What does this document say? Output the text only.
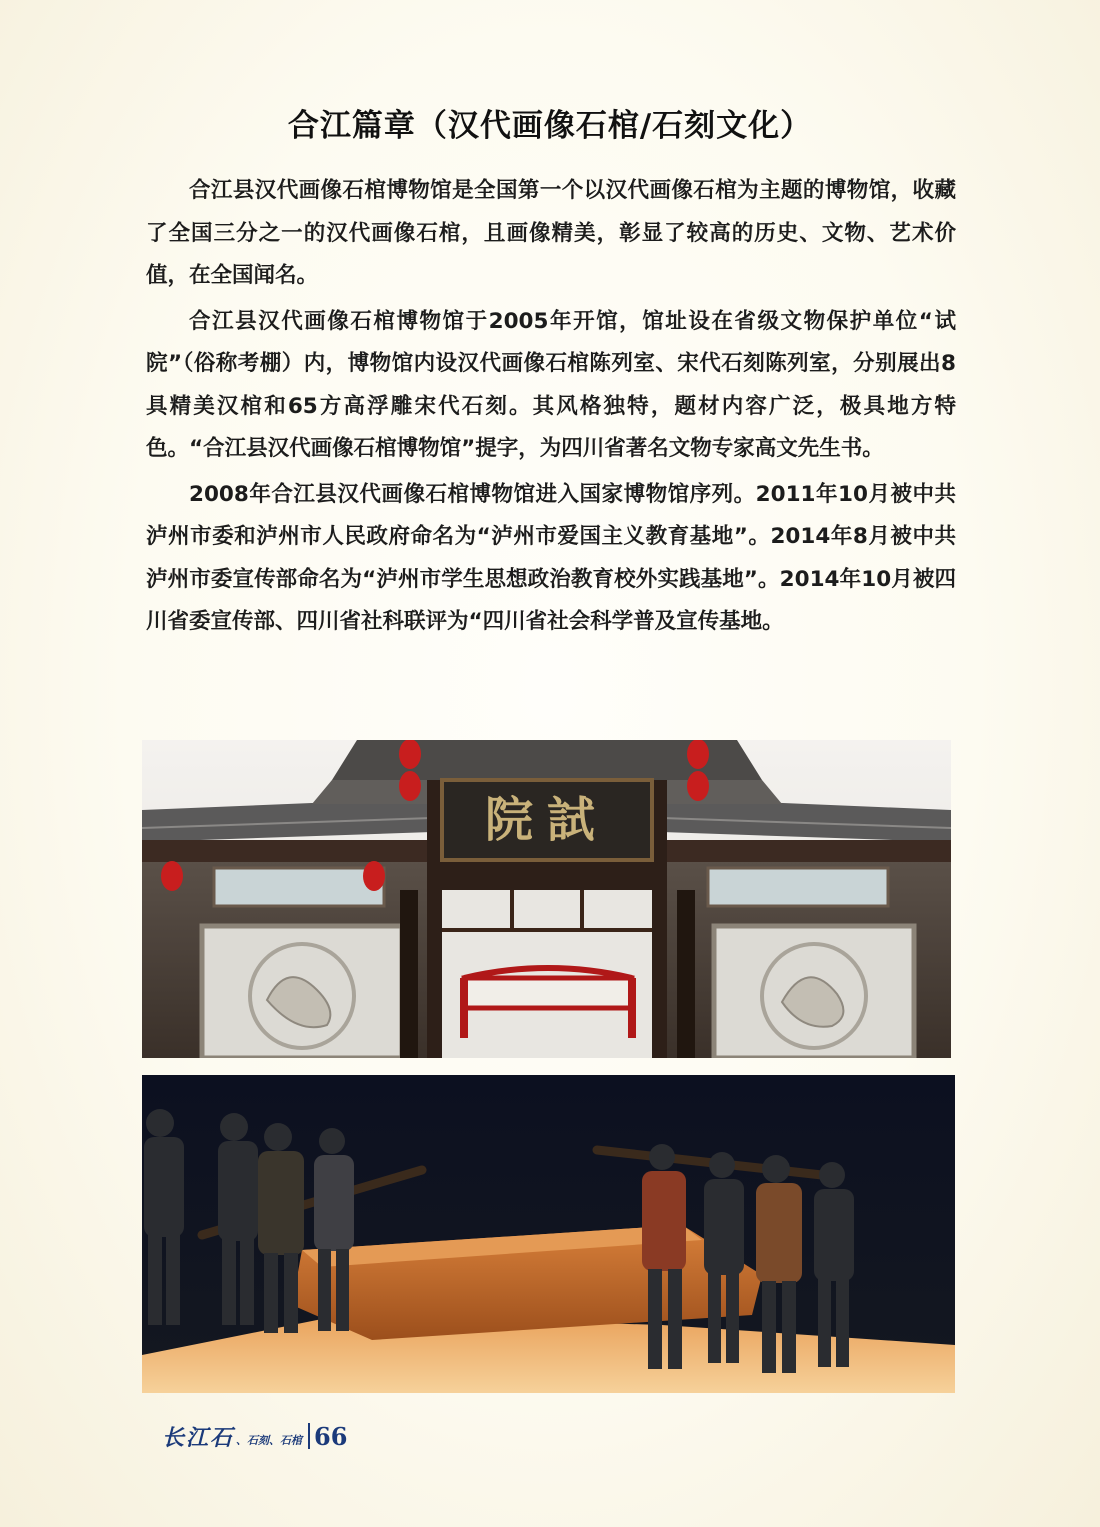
合江篇章（汉代画像石棺/石刻文化）

合江县汉代画像石棺博物馆是全国第一个以汉代画像石棺为主题的博物馆，收藏了全国三分之一的汉代画像石棺，且画像精美，彰显了较高的历史、文物、艺术价值，在全国闻名。

合江县汉代画像石棺博物馆于2005年开馆，馆址设在省级文物保护单位“试院”（俗称考棚）内，博物馆内设汉代画像石棺陈列室、宋代石刻陈列室，分别展出8具精美汉棺和65方高浮雕宋代石刻。其风格独特，题材内容广泛，极具地方特色。“合江县汉代画像石棺博物馆”提字，为四川省著名文物专家高文先生书。

2008年合江县汉代画像石棺博物馆进入国家博物馆序列。2011年10月被中共泸州市委和泸州市人民政府命名为“泸州市爱国主义教育基地”。2014年8月被中共泸州市委宣传部命名为“泸州市学生思想政治教育校外实践基地”。2014年10月被四川省委宣传部、四川省社科联评为“四川省社会科学普及宣传基地。

院試
长江石 、石刻、石棺 66
